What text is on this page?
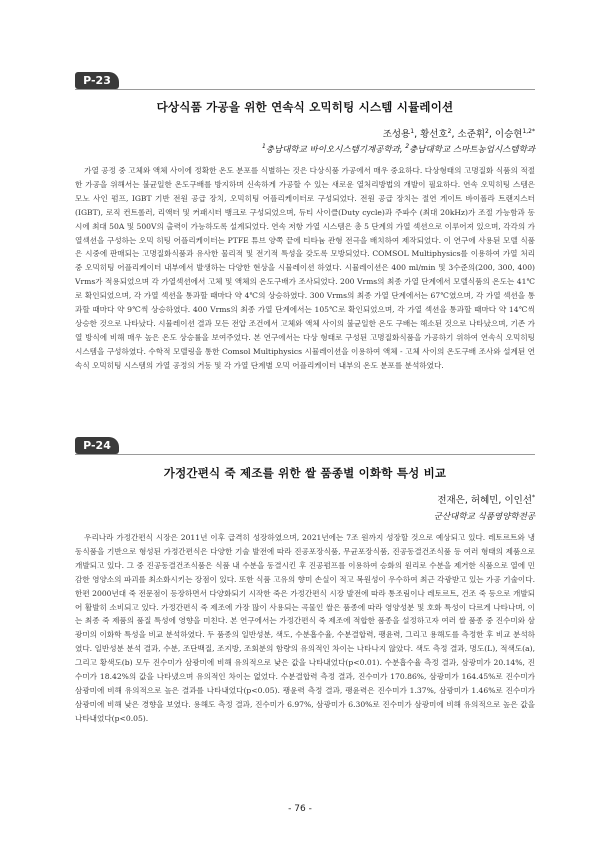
P-23
다상식품 가공을 위한 연속식 오믹히팅 시스템 시뮬레이션
조성용$^1$, 황선호$^2$, 소준휘$^2$, 이승현$^{1,2*}$
$^1$충남대학교 바이오시스템기계공학과, $^2$충남대학교 스마트농업시스템학과

가열 공정 중 고체와 액체 사이에 정확한 온도 분포를 식별하는 것은 다상식품 가공에서 매우 중요하다. 다상형태의 고명질화 식품의 적절한 가공을 위해서는 불균일한 온도구배를 방지하며 신속하게 가공할 수 있는 새로운 열처리방법의 개발이 필요하다. 연속 오믹히팅 스템은 모노 사인 펌프, IGBT 기반 전원 공급 장치, 오믹히팅 어플리케이터로 구성되었다. 전원 공급 장치는 절연 게이트 바이폴라 트랜지스터 (IGBT), 로직 컨트롤러, 리액터 및 커패시터 뱅크로 구성되었으며, 듀티 사이클(Duty cycle)과 주파수 (최대 20kHz)가 조절 가능함과 동시에 최대 50A 및 500V의 출력이 가능하도록 설계되었다. 연속 저항 가열 시스템은 총 5 단계의 가열 섹션으로 이루어져 있으며, 각각의 가열섹션을 구성하는 오믹 히팅 어플리케이터는 PTFE 튜브 양쪽 끝에 티타늄 관형 전극을 배치하여 제작되었다. 이 연구에 사용된 모델 식품은 시중에 판매되는 고명질화식품과 유사한 물리적 및 전기적 특성을 갖도록 모방되었다. COMSOL Multiphysics를 이용하여 가열 처리 중 오믹히팅 어플리케이터 내부에서 발생하는 다양한 현상을 시뮬레이션 하였다. 시뮬레이션은 400 ml/min 및 3수준의(200, 300, 400) Vrms가 적용되었으며 각 가열섹션에서 고체 및 액체의 온도구배가 조사되었다. 200 Vrms의 최종 가열 단계에서 모델식품의 온도는 41℃로 확인되었으며, 각 가열 섹션을 통과할 때마다 약 4℃의 상승하였다. 300 Vrms의 최종 가열 단계에서는 67℃였으며, 각 가열 섹션을 통과할 때마다 약 9℃씩 상승하였다. 400 Vrms의 최종 가열 단계에서는 105℃로 확인되었으며, 각 가열 섹션을 통과할 때마다 약 14℃씩 상승한 것으로 나타났다. 시뮬레이션 결과 모든 전압 조건에서 고체와 액체 사이의 불균일한 온도 구배는 해소된 것으로 나타났으며, 기존 가열 방식에 비해 매우 높은 온도 상승률을 보여주었다. 본 연구에서는 다상 형태로 구성된 고명질화식품을 가공하기 위하여 연속식 오믹히팅 시스템을 구성하였다. 수학적 모델링을 통한 Comsol Multiphysics 시뮬레이션을 이용하여 액체 - 고체 사이의 온도구배 조사와 설계된 연속식 오믹히팅 시스템의 가열 공정의 거동 및 각 가열 단계별 오믹 어플리케이터 내부의 온도 분포를 분석하였다.

P-24
가정간편식 죽 제조를 위한 쌀 품종별 이화학 특성 비교
전재은, 허혜민, 이인선*
군산대학교 식품영양학전공

우리나라 가정간편식 시장은 2011년 이후 급격히 성장하였으며, 2021년에는 7조 원까지 성장할 것으로 예상되고 있다. 레토르트와 냉동식품을 기반으로 형성된 가정간편식은 다양한 기술 발전에 따라 진공포장식품, 무균포장식품, 진공동결건조식품 등 여러 형태의 제품으로 개발되고 있다. 그 중 진공동결건조식품은 식품 내 수분을 동결시킨 후 진공펌프를 이용하여 승화의 원리로 수분을 제거한 식품으로 열에 민감한 영양소의 파괴를 최소화시키는 장점이 있다. 또한 식품 고유의 향미 손실이 적고 복원성이 우수하여 최근 각광받고 있는 가공 기술이다. 한편 2000년대 죽 전문점이 등장하면서 다양화되기 시작한 죽은 가정간편식 시장 발전에 따라 통조림이나 레토르트, 건조 죽 등으로 개발되어 활발히 소비되고 있다. 가정간편식 죽 제조에 가장 많이 사용되는 곡물인 쌀은 품종에 따라 영양성분 및 호화 특성이 다르게 나타나며, 이는 최종 죽 제품의 품질 특성에 영향을 미친다. 본 연구에서는 가정간편식 죽 제조에 적합한 품종을 설정하고자 여러 쌀 품종 중 진수미와 삼광미의 이화학 특성을 비교 분석하였다. 두 품종의 일반성분, 색도, 수분흡수율, 수분결합력, 팽윤력, 그리고 용해도를 측정한 후 비교 분석하였다. 일반성분 분석 결과, 수분, 조단백질, 조지방, 조회분의 함량의 유의적인 차이는 나타나지 않았다. 색도 측정 결과, 명도(L), 적색도(a), 그리고 황색도(b) 모두 진수미가 삼광미에 비해 유의적으로 낮은 값을 나타내었다(p<0.01). 수분흡수율 측정 결과, 삼광미가 20.14%, 진수미가 18.42%의 값을 나타냈으며 유의적인 차이는 없었다. 수분결합력 측정 결과, 진수미가 170.86%, 삼광미가 164.45%로 진수미가 삼광미에 비해 유의적으로 높은 결과를 나타내었다(p<0.05). 팽윤력 측정 결과, 팽윤력은 진수미가 1.37%, 삼광미가 1.46%로 진수미가 삼광미에 비해 낮은 경향을 보였다. 용해도 측정 결과, 진수미가 6.97%, 삼광미가 6.30%로 진수미가 삼광미에 비해 유의적으로 높은 값을 나타내었다(p<0.05).

- 76 -
